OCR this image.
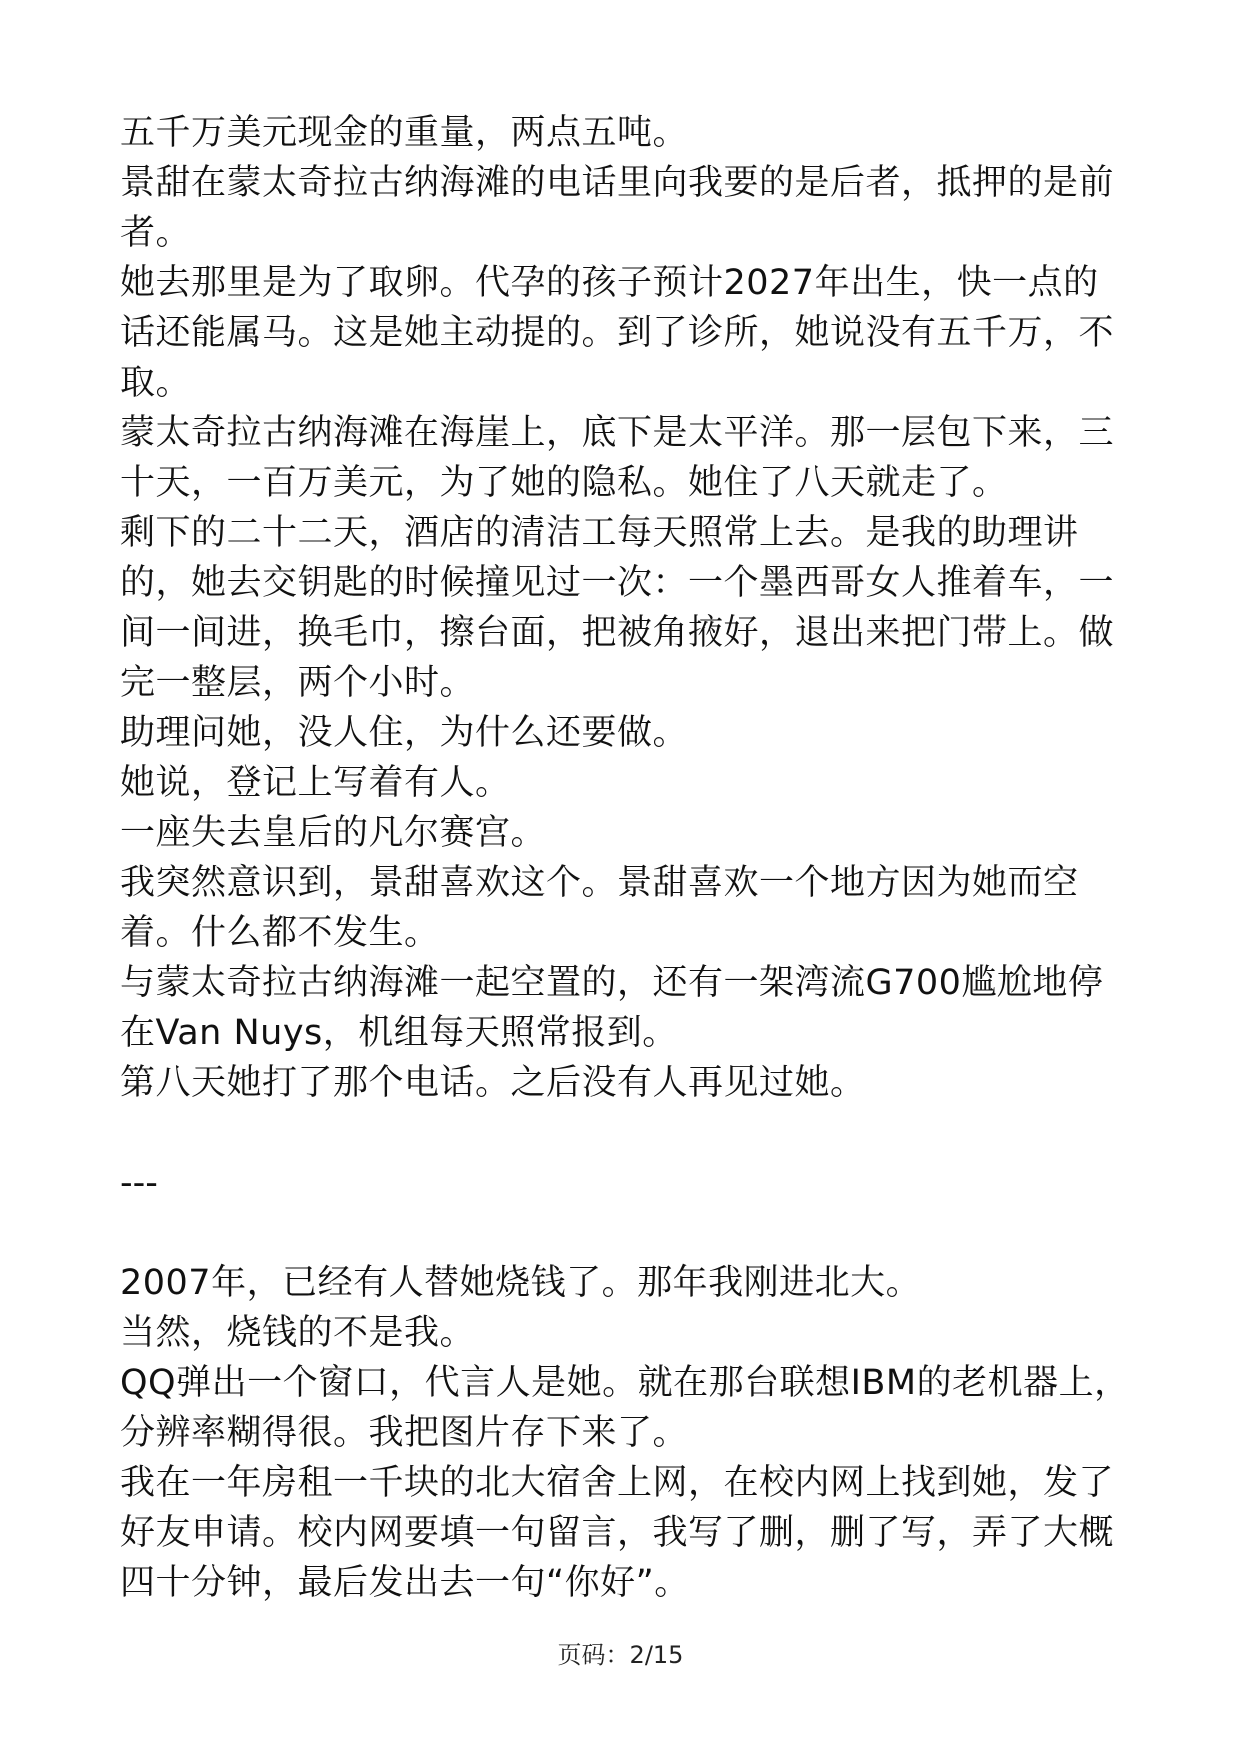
五千万美元现金的重量，两点五吨。

景甜在蒙太奇拉古纳海滩的电话里向我要的是后者，抵押的是前者。

她去那里是为了取卵。代孕的孩子预计2027年出生，快一点的话还能属马。这是她主动提的。到了诊所，她说没有五千万，不取。

蒙太奇拉古纳海滩在海崖上，底下是太平洋。那一层包下来，三十天，一百万美元，为了她的隐私。她住了八天就走了。

剩下的二十二天，酒店的清洁工每天照常上去。是我的助理讲的，她去交钥匙的时候撞见过一次：一个墨西哥女人推着车，一间一间进，换毛巾，擦台面，把被角掖好，退出来把门带上。做完一整层，两个小时。

助理问她，没人住，为什么还要做。

她说，登记上写着有人。

一座失去皇后的凡尔赛宫。

我突然意识到，景甜喜欢这个。景甜喜欢一个地方因为她而空着。什么都不发生。

与蒙太奇拉古纳海滩一起空置的，还有一架湾流G700尴尬地停在Van Nuys，机组每天照常报到。

第八天她打了那个电话。之后没有人再见过她。

---

2007年，已经有人替她烧钱了。那年我刚进北大。

当然，烧钱的不是我。

QQ弹出一个窗口，代言人是她。就在那台联想IBM的老机器上，分辨率糊得很。我把图片存下来了。

我在一年房租一千块的北大宿舍上网，在校内网上找到她，发了好友申请。校内网要填一句留言，我写了删，删了写，弄了大概四十分钟，最后发出去一句“你好”。

页码：2/15
